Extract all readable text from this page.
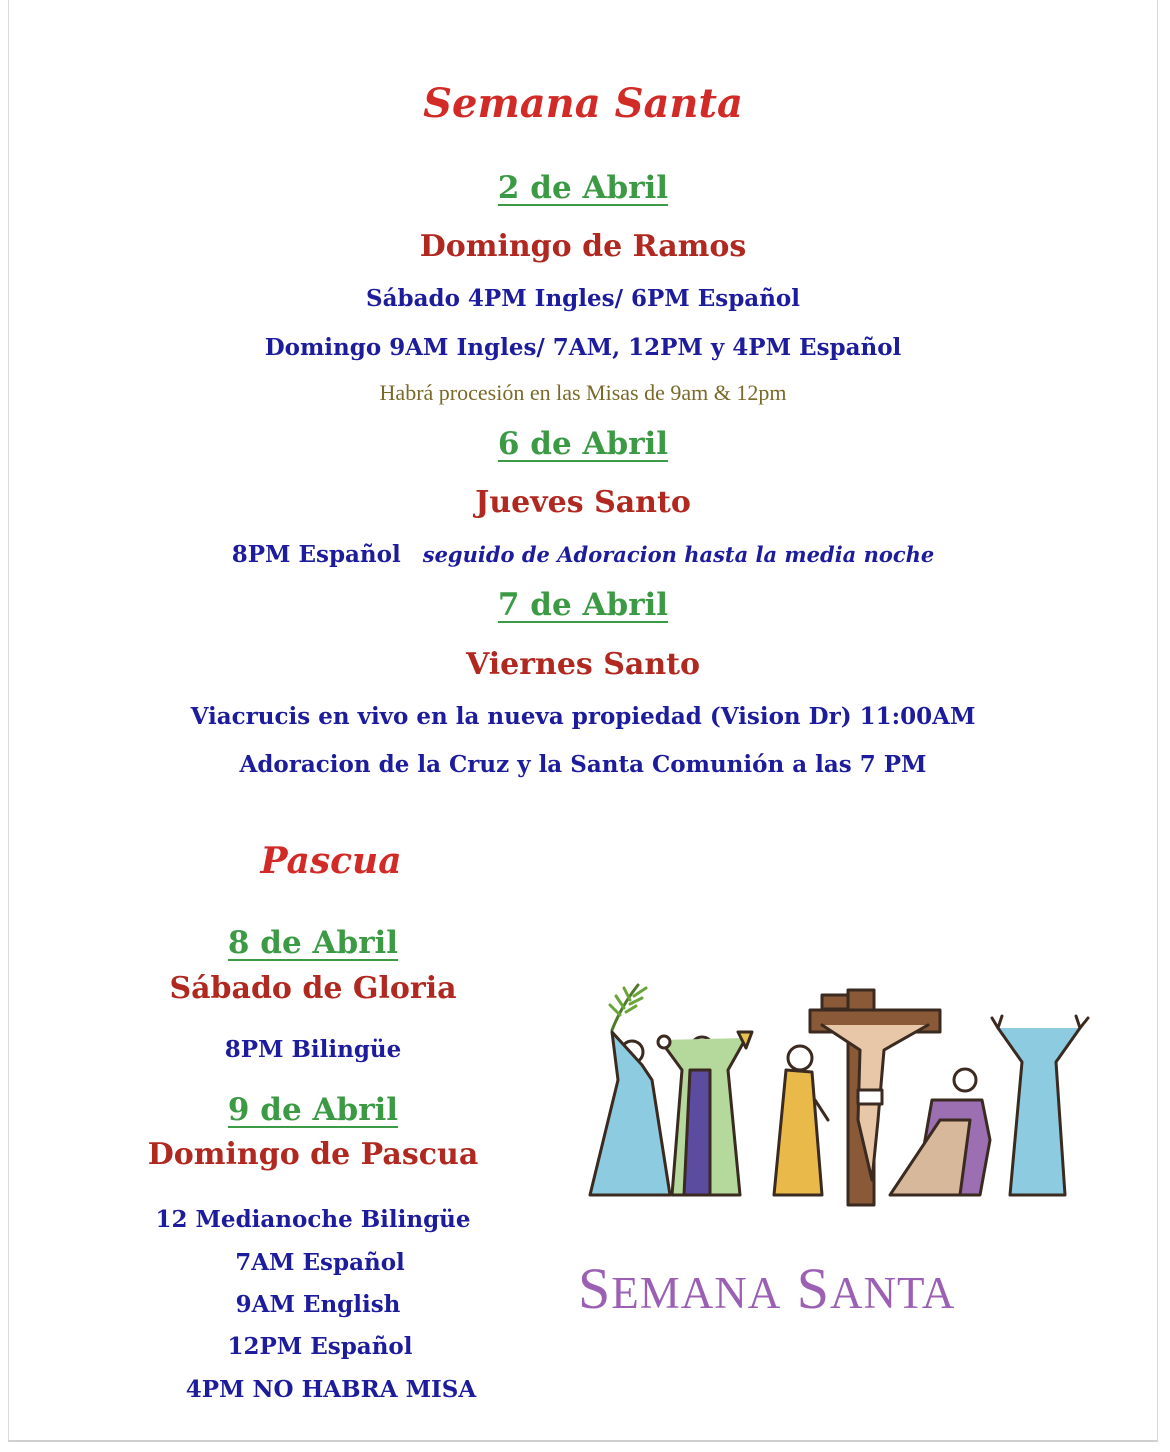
Semana Santa
2 de Abril
Domingo de Ramos
Sábado 4PM Ingles/ 6PM Español
Domingo 9AM Ingles/ 7AM, 12PM y 4PM Español
Habrá procesión en las Misas de 9am & 12pm
6 de Abril
Jueves Santo
8PM Español seguido de Adoracion hasta la media noche
7 de Abril
Viernes Santo
Viacrucis en vivo en la nueva propiedad (Vision Dr) 11:00AM
Adoracion de la Cruz y la Santa Comunión a las 7 PM
Pascua
8 de Abril
Sábado de Gloria
8PM Bilingüe
9 de Abril
Domingo de Pascua
12 Medianoche Bilingüe
7AM Español
9AM English
12PM Español
4PM NO HABRA MISA
SEMANA SANTA
